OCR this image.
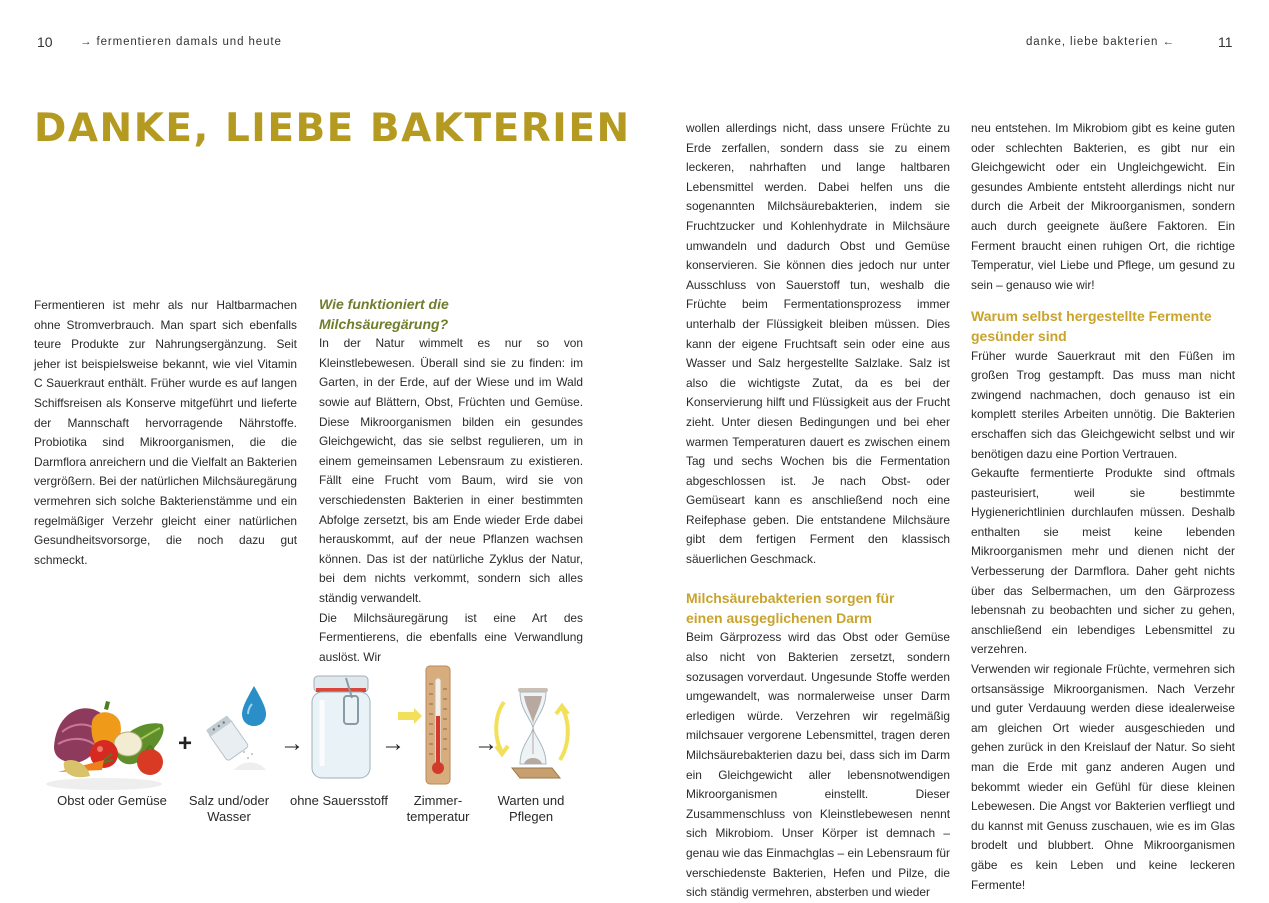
10 → fermentieren damals und heute	danke, liebe bakterien ←	11
DANKE, LIEBE BAKTERIEN

Fermentieren ist mehr als nur Haltbarmachen ohne Stromverbrauch. Man spart sich ebenfalls teure Produkte zur Nahrungsergänzung. Seit jeher ist beispielsweise bekannt, wie viel Vitamin C Sauerkraut enthält. Früher wurde es auf langen Schiffsreisen als Konserve mitgeführt und lieferte der Mannschaft hervorragende Nährstoffe. Probiotika sind Mikroorganismen, die die Darmflora anreichern und die Vielfalt an Bakterien vergrößern. Bei der natürlichen Milchsäuregärung vermehren sich solche Bakterienstämme und ein regelmäßiger Verzehr gleicht einer natürlichen Gesundheitsvorsorge, die noch dazu gut schmeckt.

Wie funktioniert die Milchsäuregärung?

In der Natur wimmelt es nur so von Kleinstlebewesen. Überall sind sie zu finden: im Garten, in der Erde, auf der Wiese und im Wald sowie auf Blättern, Obst, Früchten und Gemüse. Diese Mikroorganismen bilden ein gesundes Gleichgewicht, das sie selbst regulieren, um in einem gemeinsamen Lebensraum zu existieren. Fällt eine Frucht vom Baum, wird sie von verschiedensten Bakterien in einer bestimmten Abfolge zersetzt, bis am Ende wieder Erde dabei herauskommt, auf der neue Pflanzen wachsen können. Das ist der natürliche Zyklus der Natur, bei dem nichts verkommt, sondern sich alles ständig verwandelt.

Die Milchsäuregärung ist eine Art des Fermentierens, die ebenfalls eine Verwandlung auslöst. Wir

wollen allerdings nicht, dass unsere Früchte zu Erde zerfallen, sondern dass sie zu einem leckeren, nahrhaften und lange haltbaren Lebensmittel werden. Dabei helfen uns die sogenannten Milchsäurebakterien, indem sie Fruchtzucker und Kohlenhydrate in Milchsäure umwandeln und dadurch Obst und Gemüse konservieren. Sie können dies jedoch nur unter Ausschluss von Sauerstoff tun, weshalb die Früchte beim Fermentationsprozess immer unterhalb der Flüssigkeit bleiben müssen. Dies kann der eigene Fruchtsaft sein oder eine aus Wasser und Salz hergestellte Salzlake. Salz ist also die wichtigste Zutat, da es bei der Konservierung hilft und Flüssigkeit aus der Frucht zieht. Unter diesen Bedingungen und bei eher warmen Temperaturen dauert es zwischen einem Tag und sechs Wochen bis die Fermentation abgeschlossen ist. Je nach Obst- oder Gemüseart kann es anschließend noch eine Reifephase geben. Die entstandene Milchsäure gibt dem fertigen Ferment den klassisch säuerlichen Geschmack.

Milchsäurebakterien sorgen für einen ausgeglichenen Darm

Beim Gärprozess wird das Obst oder Gemüse also nicht von Bakterien zersetzt, sondern sozusagen vorverdaut. Ungesunde Stoffe werden umgewandelt, was normalerweise unser Darm erledigen würde. Verzehren wir regelmäßig milchsauer vergorene Lebensmittel, tragen deren Milchsäurebakterien dazu bei, dass sich im Darm ein Gleichgewicht aller lebensnotwendigen Mikroorganismen einstellt. Dieser Zusammenschluss von Kleinstlebewesen nennt sich Mikrobiom. Unser Körper ist demnach – genau wie das Einmachglas – ein Lebensraum für verschiedenste Bakterien, Hefen und Pilze, die sich ständig vermehren, absterben und wieder

neu entstehen. Im Mikrobiom gibt es keine guten oder schlechten Bakterien, es gibt nur ein Gleichgewicht oder ein Ungleichgewicht. Ein gesundes Ambiente entsteht allerdings nicht nur durch die Arbeit der Mikroorganismen, sondern auch durch geeignete äußere Faktoren. Ein Ferment braucht einen ruhigen Ort, die richtige Temperatur, viel Liebe und Pflege, um gesund zu sein – genauso wie wir!

Warum selbst hergestellte Fermente gesünder sind

Früher wurde Sauerkraut mit den Füßen im großen Trog gestampft. Das muss man nicht zwingend nachmachen, doch genauso ist ein komplett steriles Arbeiten unnötig. Die Bakterien erschaffen sich das Gleichgewicht selbst und wir benötigen dazu eine Portion Vertrauen.

Gekaufte fermentierte Produkte sind oftmals pasteurisiert, weil sie bestimmte Hygienerichtlinien durchlaufen müssen. Deshalb enthalten sie meist keine lebenden Mikroorganismen mehr und dienen nicht der Verbesserung der Darmflora. Daher geht nichts über das Selbermachen, um den Gärprozess lebensnah zu beobachten und sicher zu gehen, anschließend ein lebendiges Lebensmittel zu verzehren.

Verwenden wir regionale Früchte, vermehren sich ortsansässige Mikroorganismen. Nach Verzehr und guter Verdauung werden diese idealerweise am gleichen Ort wieder ausgeschieden und gehen zurück in den Kreislauf der Natur. So sieht man die Erde mit ganz anderen Augen und bekommt wieder ein Gefühl für diese kleinen Lebewesen. Die Angst vor Bakterien verfliegt und du kannst mit Genuss zuschauen, wie es im Glas brodelt und blubbert. Ohne Mikroorganismen gäbe es kein Leben und keine leckeren Fermente!

+	→	→	→
Obst oder Gemüse	Salz und/oder Wasser
ohne Sauersstoff	Zimmer-temperatur
Warten und Pflegen
